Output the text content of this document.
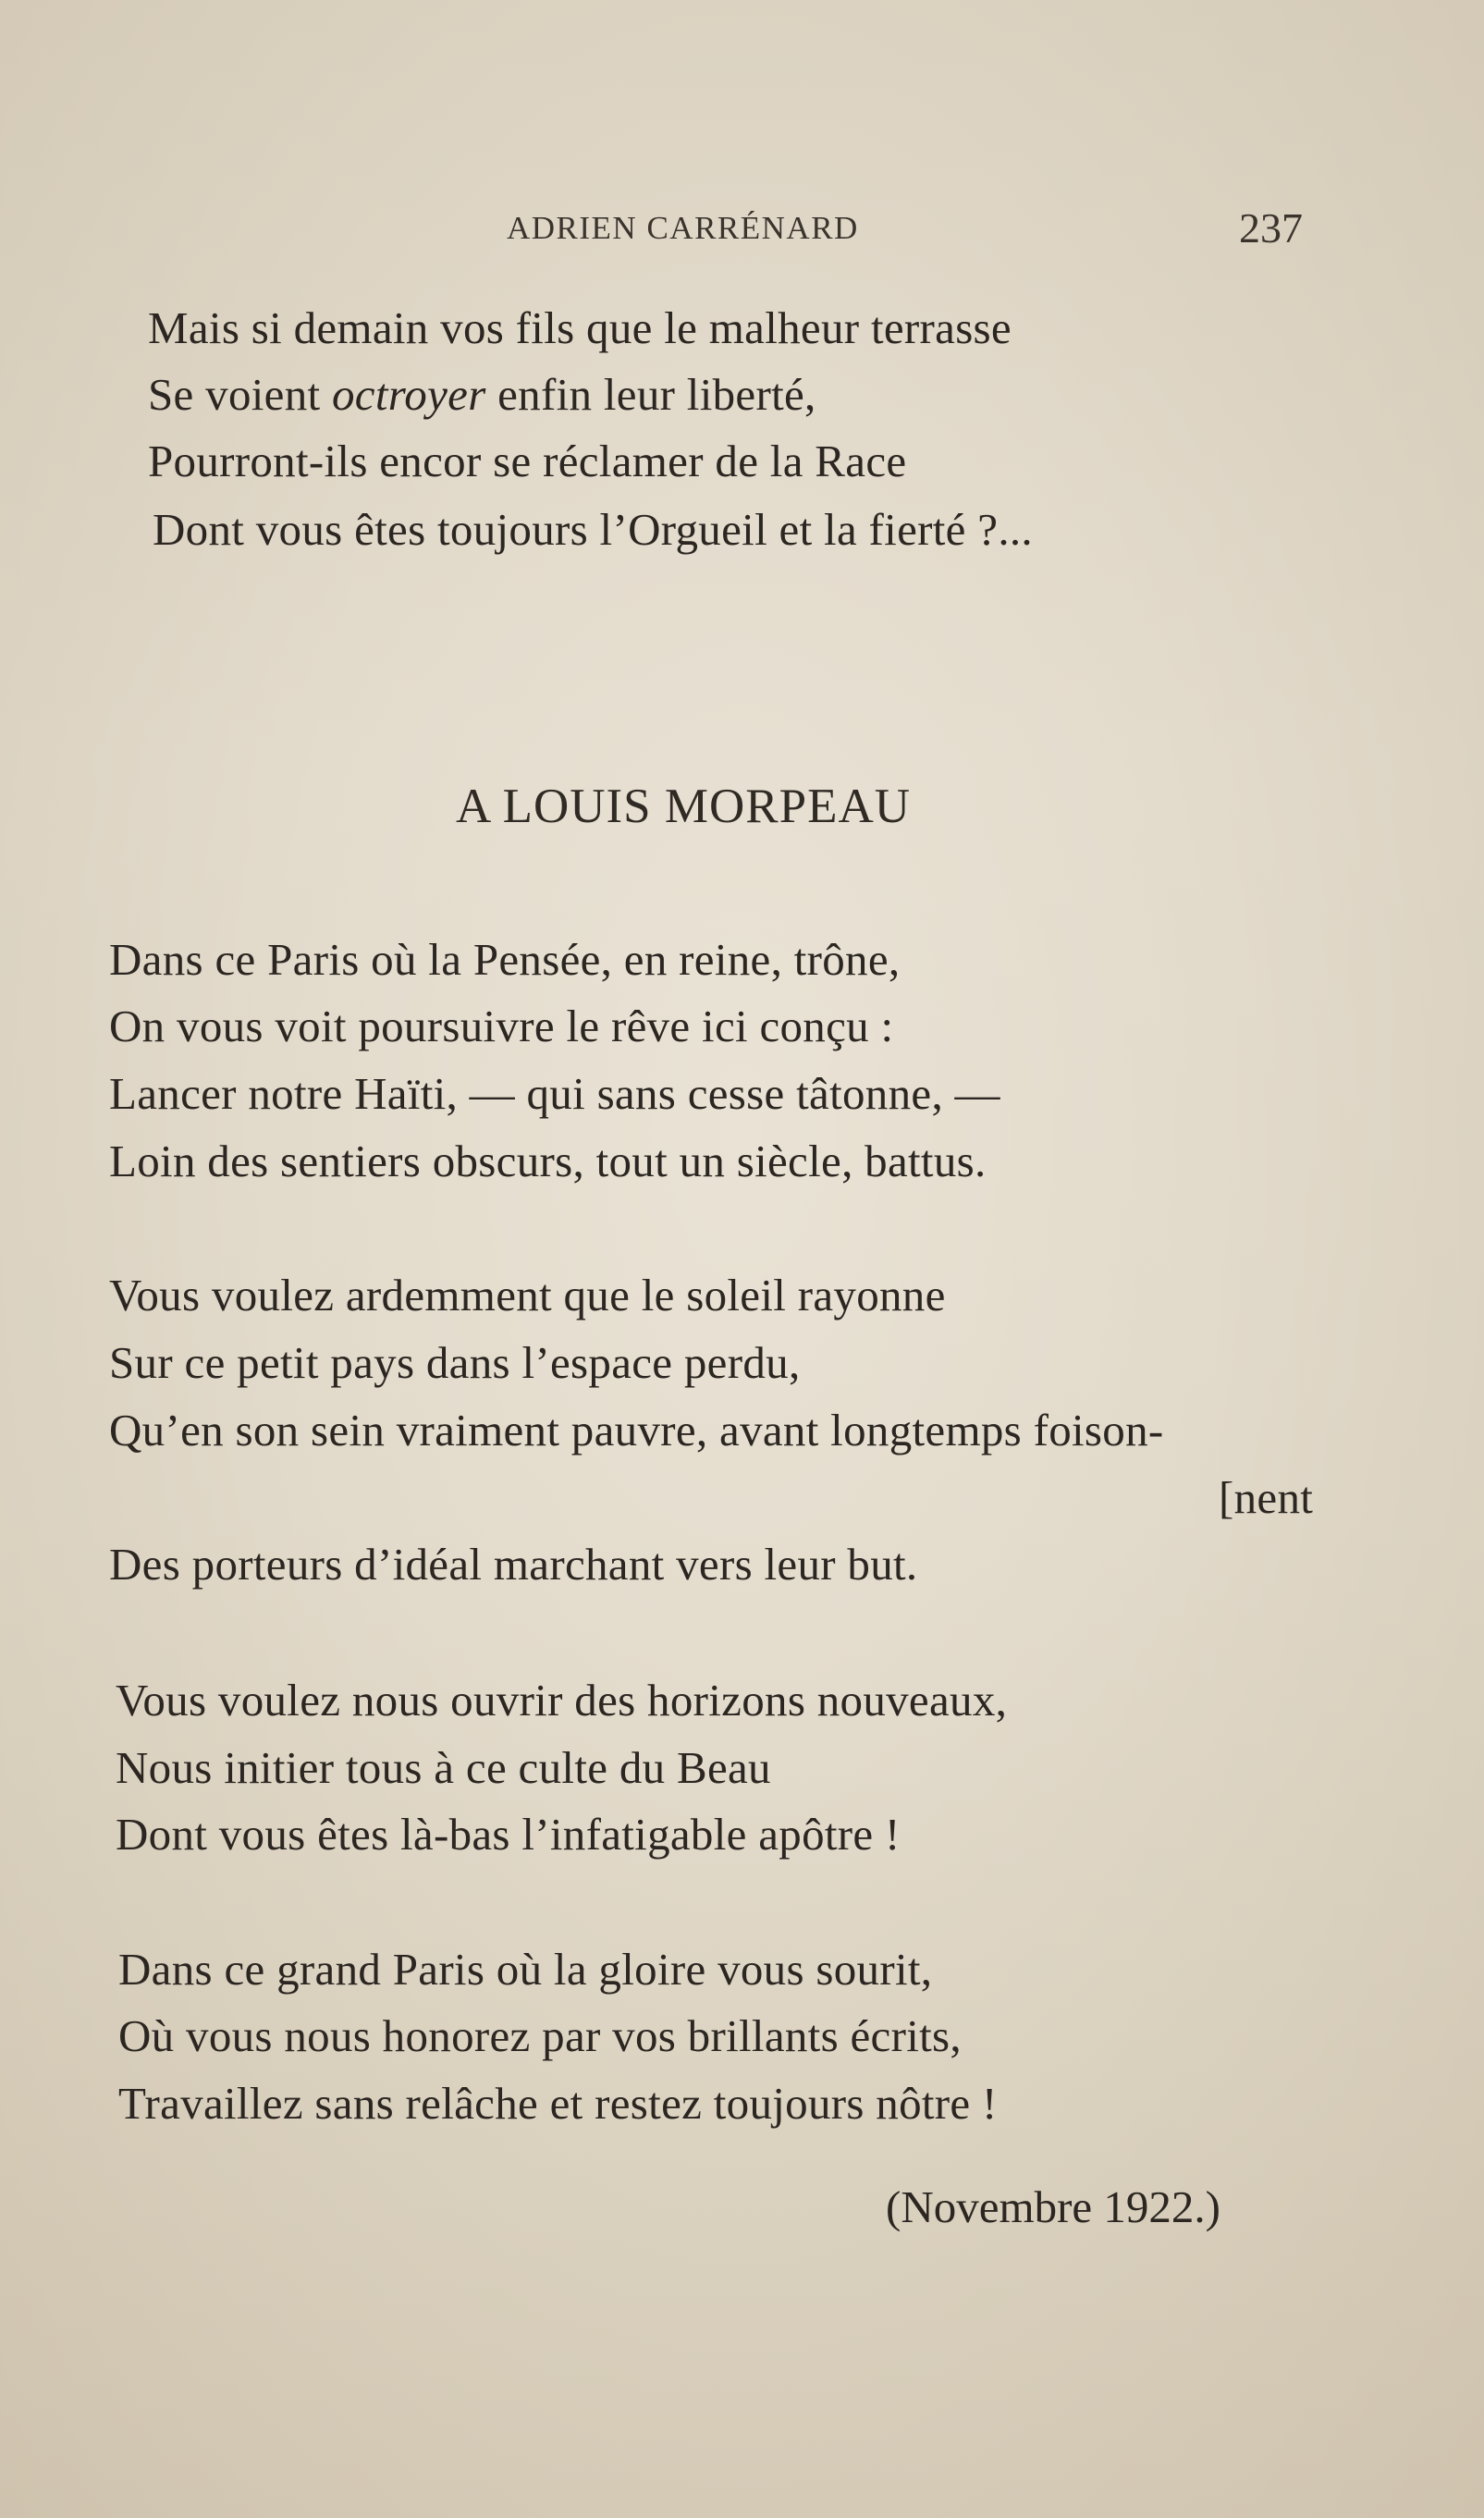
ADRIEN CARRÉNARD	237
Mais si demain vos fils que le malheur terrasse
Se voient octroyer enfin leur liberté,
Pourront-ils encor se réclamer de la Race
Dont vous êtes toujours l’Orgueil et la fierté ?...
A LOUIS MORPEAU
Dans ce Paris où la Pensée, en reine, trône,
On vous voit poursuivre le rêve ici conçu :
Lancer notre Haïti, — qui sans cesse tâtonne, —
Loin des sentiers obscurs, tout un siècle, battus.
Vous voulez ardemment que le soleil rayonne
Sur ce petit pays dans l’espace perdu,
Qu’en son sein vraiment pauvre, avant longtemps foison-
[nent
Des porteurs d’idéal marchant vers leur but.
Vous voulez nous ouvrir des horizons nouveaux,
Nous initier tous à ce culte du Beau
Dont vous êtes là-bas l’infatigable apôtre !
Dans ce grand Paris où la gloire vous sourit,
Où vous nous honorez par vos brillants écrits,
Travaillez sans relâche et restez toujours nôtre !
(Novembre 1922.)
